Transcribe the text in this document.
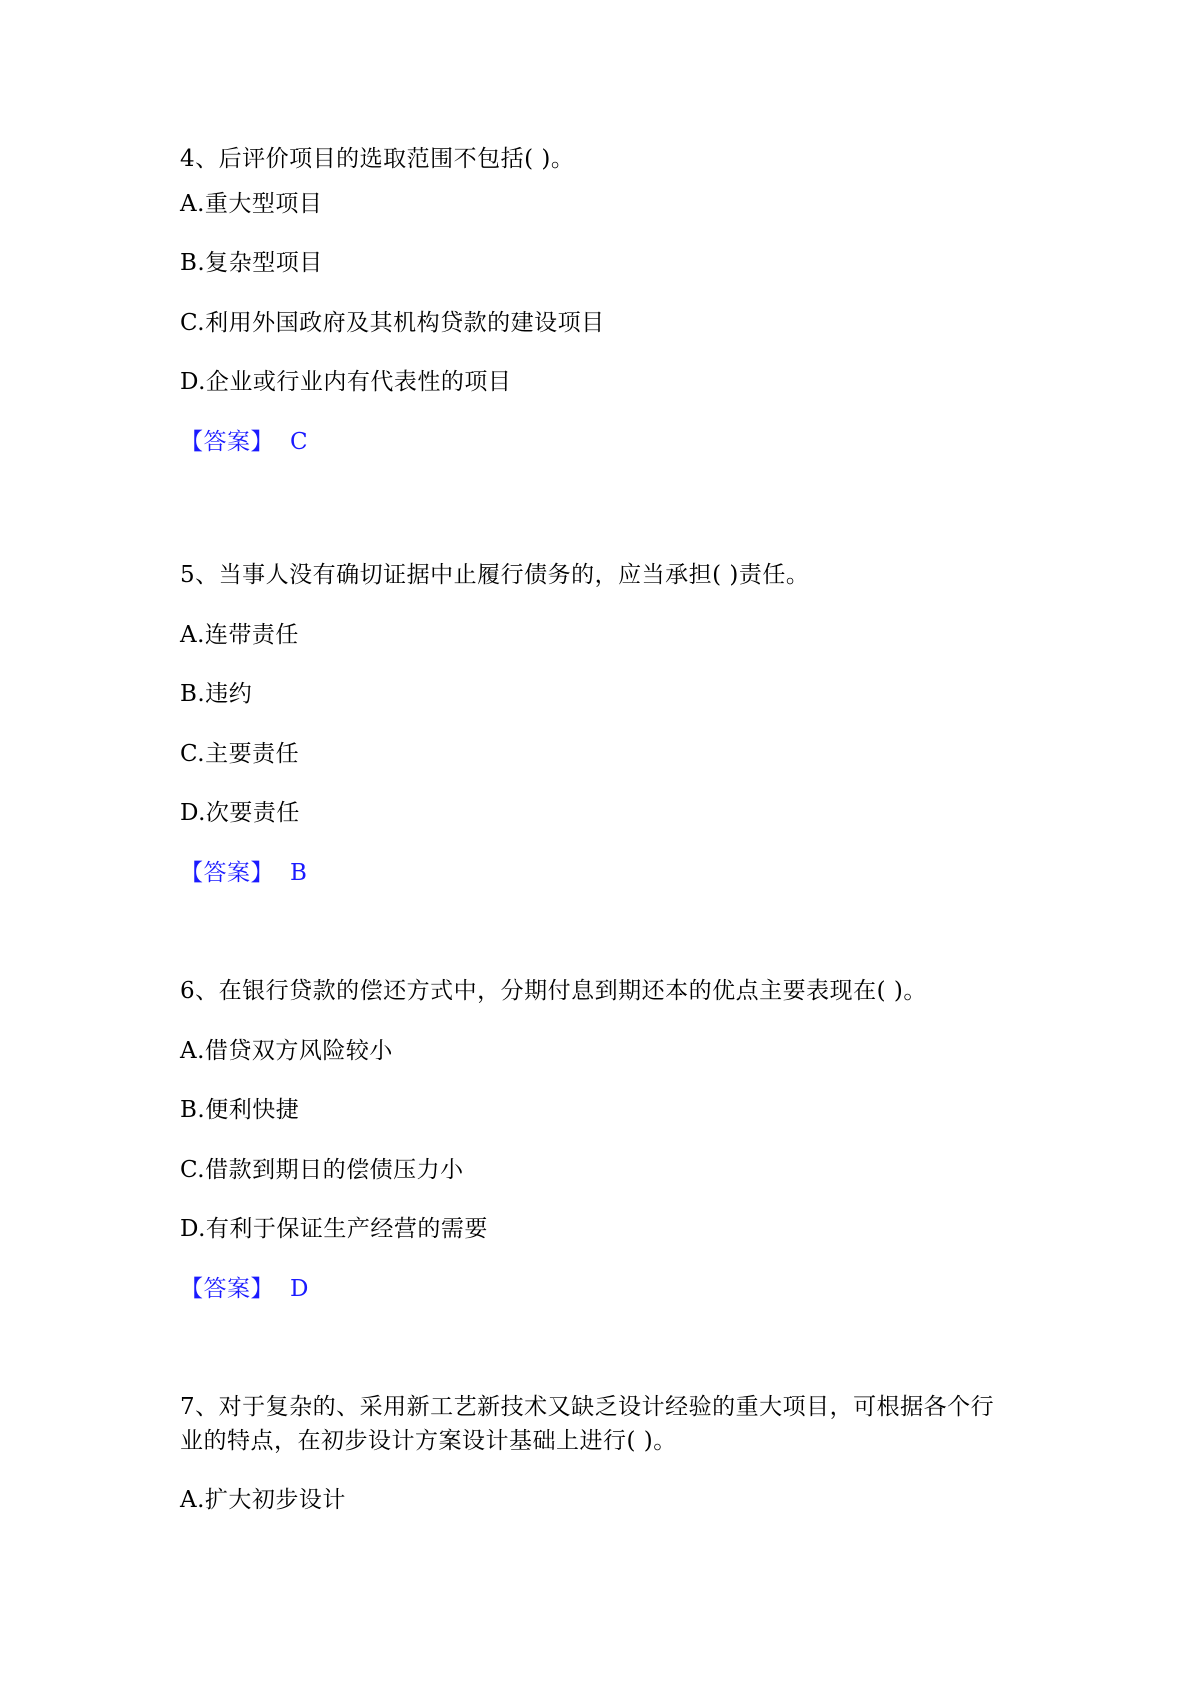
4、后评价项目的选取范围不包括( )。
A.重大型项目
B.复杂型项目
C.利用外国政府及其机构贷款的建设项目
D.企业或行业内有代表性的项目
【答案】 C
5、当事人没有确切证据中止履行债务的，应当承担( )责任。
A.连带责任
B.违约
C.主要责任
D.次要责任
【答案】 B
6、在银行贷款的偿还方式中，分期付息到期还本的优点主要表现在( )。
A.借贷双方风险较小
B.便利快捷
C.借款到期日的偿债压力小
D.有利于保证生产经营的需要
【答案】 D
7、对于复杂的、采用新工艺新技术又缺乏设计经验的重大项目，可根据各个行
业的特点，在初步设计方案设计基础上进行( )。
A.扩大初步设计
